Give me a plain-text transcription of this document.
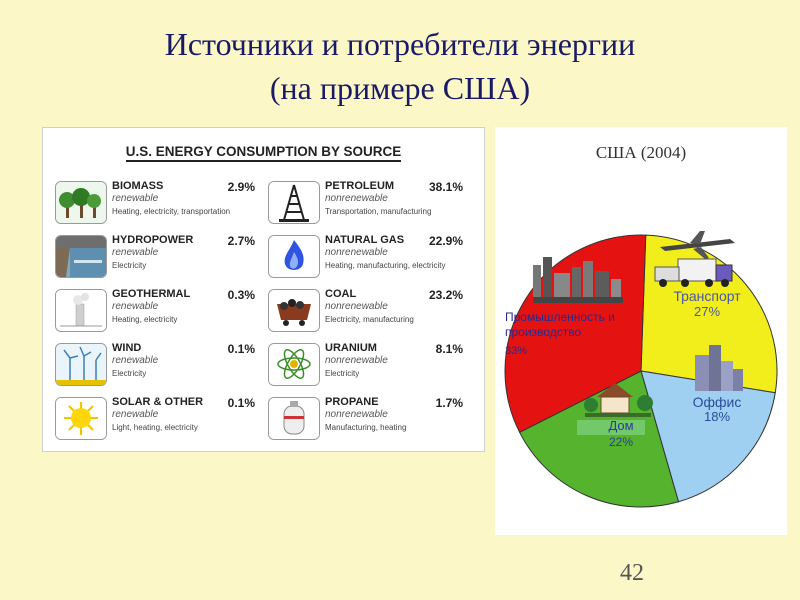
Источники и потребители энергии
(на примере США)
U.S. ENERGY CONSUMPTION BY SOURCE
BIOMASS
renewable
Heating, electricity, transportation
2.9%
HYDROPOWER
renewable
Electricity
2.7%
GEOTHERMAL
renewable
Heating, electricity
0.3%
WIND
renewable
Electricity
0.1%
SOLAR & OTHER
renewable
Light, heating, electricity
0.1%
PETROLEUM
nonrenewable
Transportation, manufacturing
38.1%
NATURAL GAS
nonrenewable
Heating, manufacturing, electricity
22.9%
COAL
nonrenewable
Electricity, manufacturing
23.2%
URANIUM
nonrenewable
Electricity
8.1%
PROPANE
nonrenewable
Manufacturing, heating
1.7%
США (2004)
Транспорт
27%
Оффис
18%
Дом
22%
Промышленность и производство
33%
42
